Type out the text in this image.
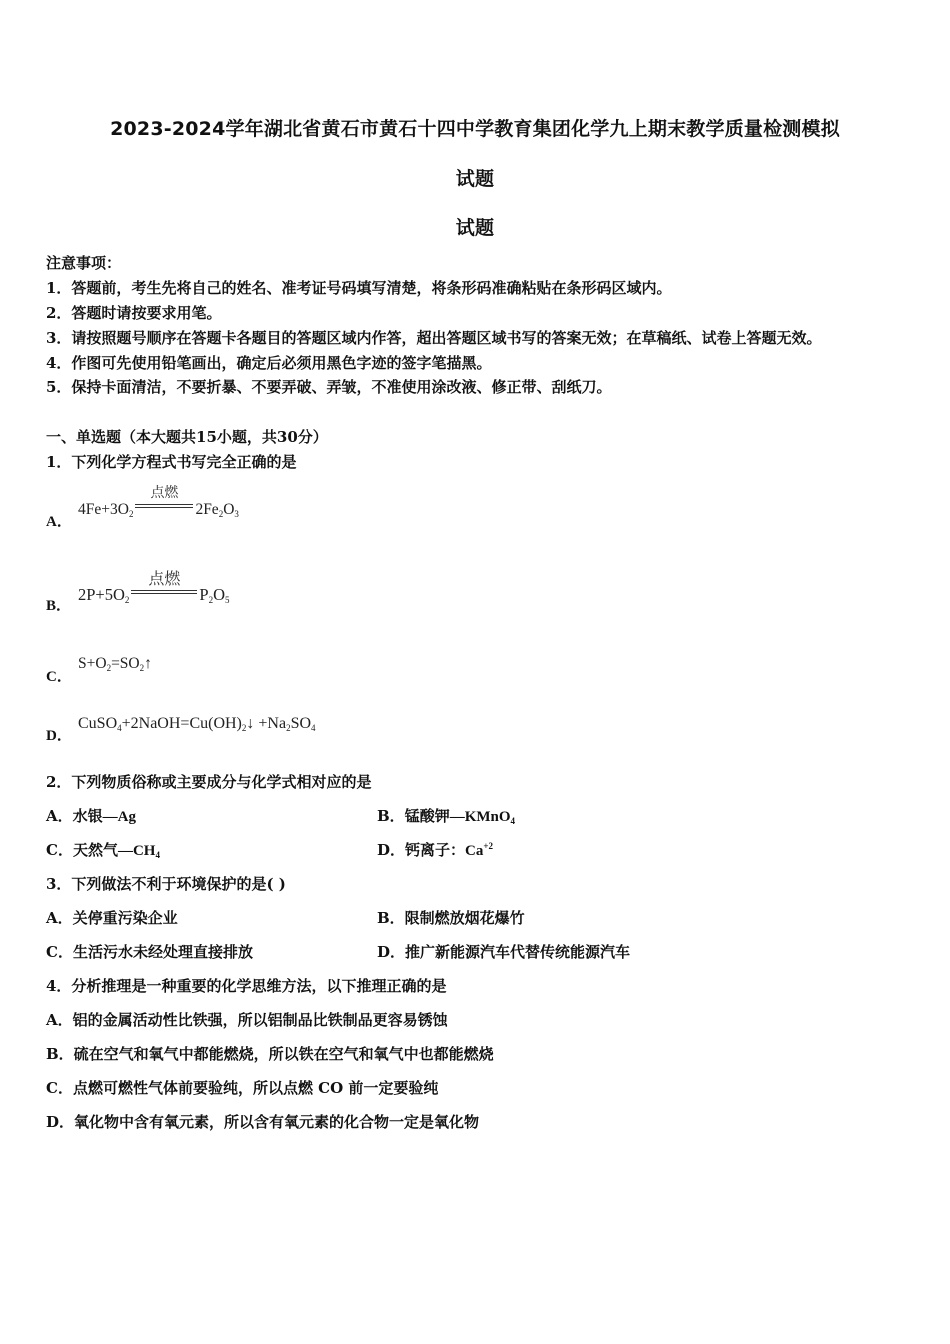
2023-2024学年湖北省黄石市黄石十四中学教育集团化学九上期末教学质量检测模拟
试题
试题
注意事项：
1．答题前，考生先将自己的姓名、准考证号码填写清楚，将条形码准确粘贴在条形码区域内。
2．答题时请按要求用笔。
3．请按照题号顺序在答题卡各题目的答题区域内作答，超出答题区域书写的答案无效；在草稿纸、试卷上答题无效。
4．作图可先使用铅笔画出，确定后必须用黑色字迹的签字笔描黑。
5．保持卡面清洁，不要折暴、不要弄破、弄皱，不准使用涂改液、修正带、刮纸刀。
一、单选题（本大题共15小题，共30分）
1．下列化学方程式书写完全正确的是
A．
$4Fe+3O_2$
点燃
$2Fe_2O_3$
B．
$2P+5O_2$
点燃
$P_2O_5$
C．
$S+O_2=SO_2↑$
D．
$CuSO_4+2NaOH=Cu(OH)_2↓ +Na_2SO_4$
2．下列物质俗称或主要成分与化学式相对应的是
A．水银—Ag	B．锰酸钾—KMnO$_4$
C．天然气$—CH_4$	D．钙离子：$Ca^{+2}$
3．下列做法不利于环境保护的是( )
A．关停重污染企业	B．限制燃放烟花爆竹
C．生活污水未经处理直接排放	D．推广新能源汽车代替传统能源汽车
4．分析推理是一种重要的化学思维方法，以下推理正确的是
A．铝的金属活动性比铁强，所以铝制品比铁制品更容易锈蚀
B．硫在空气和氧气中都能燃烧，所以铁在空气和氧气中也都能燃烧
C．点燃可燃性气体前要验纯，所以点燃 CO 前一定要验纯
D．氧化物中含有氧元素，所以含有氧元素的化合物一定是氧化物
